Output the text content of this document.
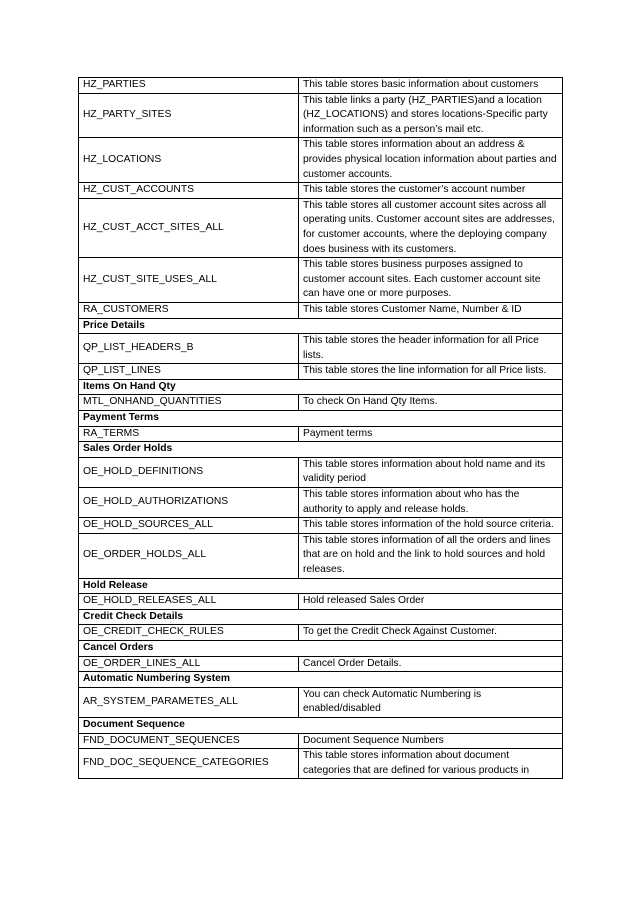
HZ_PARTIES	This table stores basic information about customers
HZ_PARTY_SITES	This table links a party (HZ_PARTIES)and a location (HZ_LOCATIONS) and stores locations-Specific party information such as a person’s mail etc.
HZ_LOCATIONS	This table stores information about an address & provides physical location information about parties and customer accounts.
HZ_CUST_ACCOUNTS	This table stores the customer’s account number
HZ_CUST_ACCT_SITES_ALL	This table stores all customer account sites across all operating units. Customer account sites are addresses, for customer accounts, where the deploying company does business with its customers.
HZ_CUST_SITE_USES_ALL	This table stores business purposes assigned to customer account sites. Each customer account site can have one or more purposes.
RA_CUSTOMERS	This table stores Customer Name, Number & ID
Price Details	
QP_LIST_HEADERS_B	This table stores the header information for all Price lists.
QP_LIST_LINES	This table stores the line information for all Price lists.
Items On Hand Qty	
MTL_ONHAND_QUANTITIES	To check On Hand Qty Items.
Payment Terms	
RA_TERMS	Payment terms
Sales Order Holds	
OE_HOLD_DEFINITIONS	This table stores information about hold name and its validity period
OE_HOLD_AUTHORIZATIONS	This table stores information about who has the authority to apply and release holds.
OE_HOLD_SOURCES_ALL	This table stores information of the hold source criteria.
OE_ORDER_HOLDS_ALL	This table stores information of all the orders and lines that are on hold and the link to hold sources and hold releases.
Hold Release	
OE_HOLD_RELEASES_ALL	Hold released Sales Order
Credit Check Details	
OE_CREDIT_CHECK_RULES	To get the Credit Check Against Customer.
Cancel Orders	
OE_ORDER_LINES_ALL	Cancel Order Details.
Automatic Numbering System	
AR_SYSTEM_PARAMETES_ALL	You can check Automatic Numbering is enabled/disabled
Document Sequence	
FND_DOCUMENT_SEQUENCES	Document Sequence Numbers
FND_DOC_SEQUENCE_CATEGORIES	This table stores information about document categories that are defined for various products in
